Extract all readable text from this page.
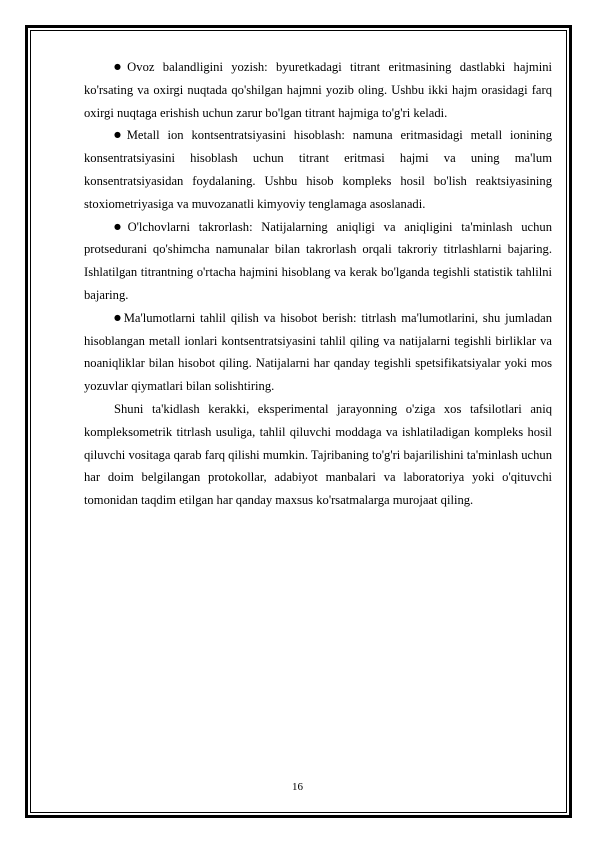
●Ovoz balandligini yozish: byuretkadagi titrant eritmasining dastlabki hajmini ko'rsating va oxirgi nuqtada qo'shilgan hajmni yozib oling. Ushbu ikki hajm orasidagi farq oxirgi nuqtaga erishish uchun zarur bo'lgan titrant hajmiga to'g'ri keladi.

●Metall ion kontsentratsiyasini hisoblash: namuna eritmasidagi metall ionining konsentratsiyasini hisoblash uchun titrant eritmasi hajmi va uning ma'lum konsentratsiyasidan foydalaning. Ushbu hisob kompleks hosil bo'lish reaktsiyasining stoxiometriyasiga va muvozanatli kimyoviy tenglamaga asoslanadi.

●O'lchovlarni takrorlash: Natijalarning aniqligi va aniqligini ta'minlash uchun protsedurani qo'shimcha namunalar bilan takrorlash orqali takroriy titrlashlarni bajaring. Ishlatilgan titrantning o'rtacha hajmini hisoblang va kerak bo'lganda tegishli statistik tahlilni bajaring.

●Ma'lumotlarni tahlil qilish va hisobot berish: titrlash ma'lumotlarini, shu jumladan hisoblangan metall ionlari kontsentratsiyasini tahlil qiling va natijalarni tegishli birliklar va noaniqliklar bilan hisobot qiling. Natijalarni har qanday tegishli spetsifikatsiyalar yoki mos yozuvlar qiymatlari bilan solishtiring.

Shuni ta'kidlash kerakki, eksperimental jarayonning o'ziga xos tafsilotlari aniq kompleksometrik titrlash usuliga, tahlil qiluvchi moddaga va ishlatiladigan kompleks hosil qiluvchi vositaga qarab farq qilishi mumkin. Tajribaning to'g'ri bajarilishini ta'minlash uchun har doim belgilangan protokollar, adabiyot manbalari va laboratoriya yoki o'qituvchi tomonidan taqdim etilgan har qanday maxsus ko'rsatmalarga murojaat qiling.

16
